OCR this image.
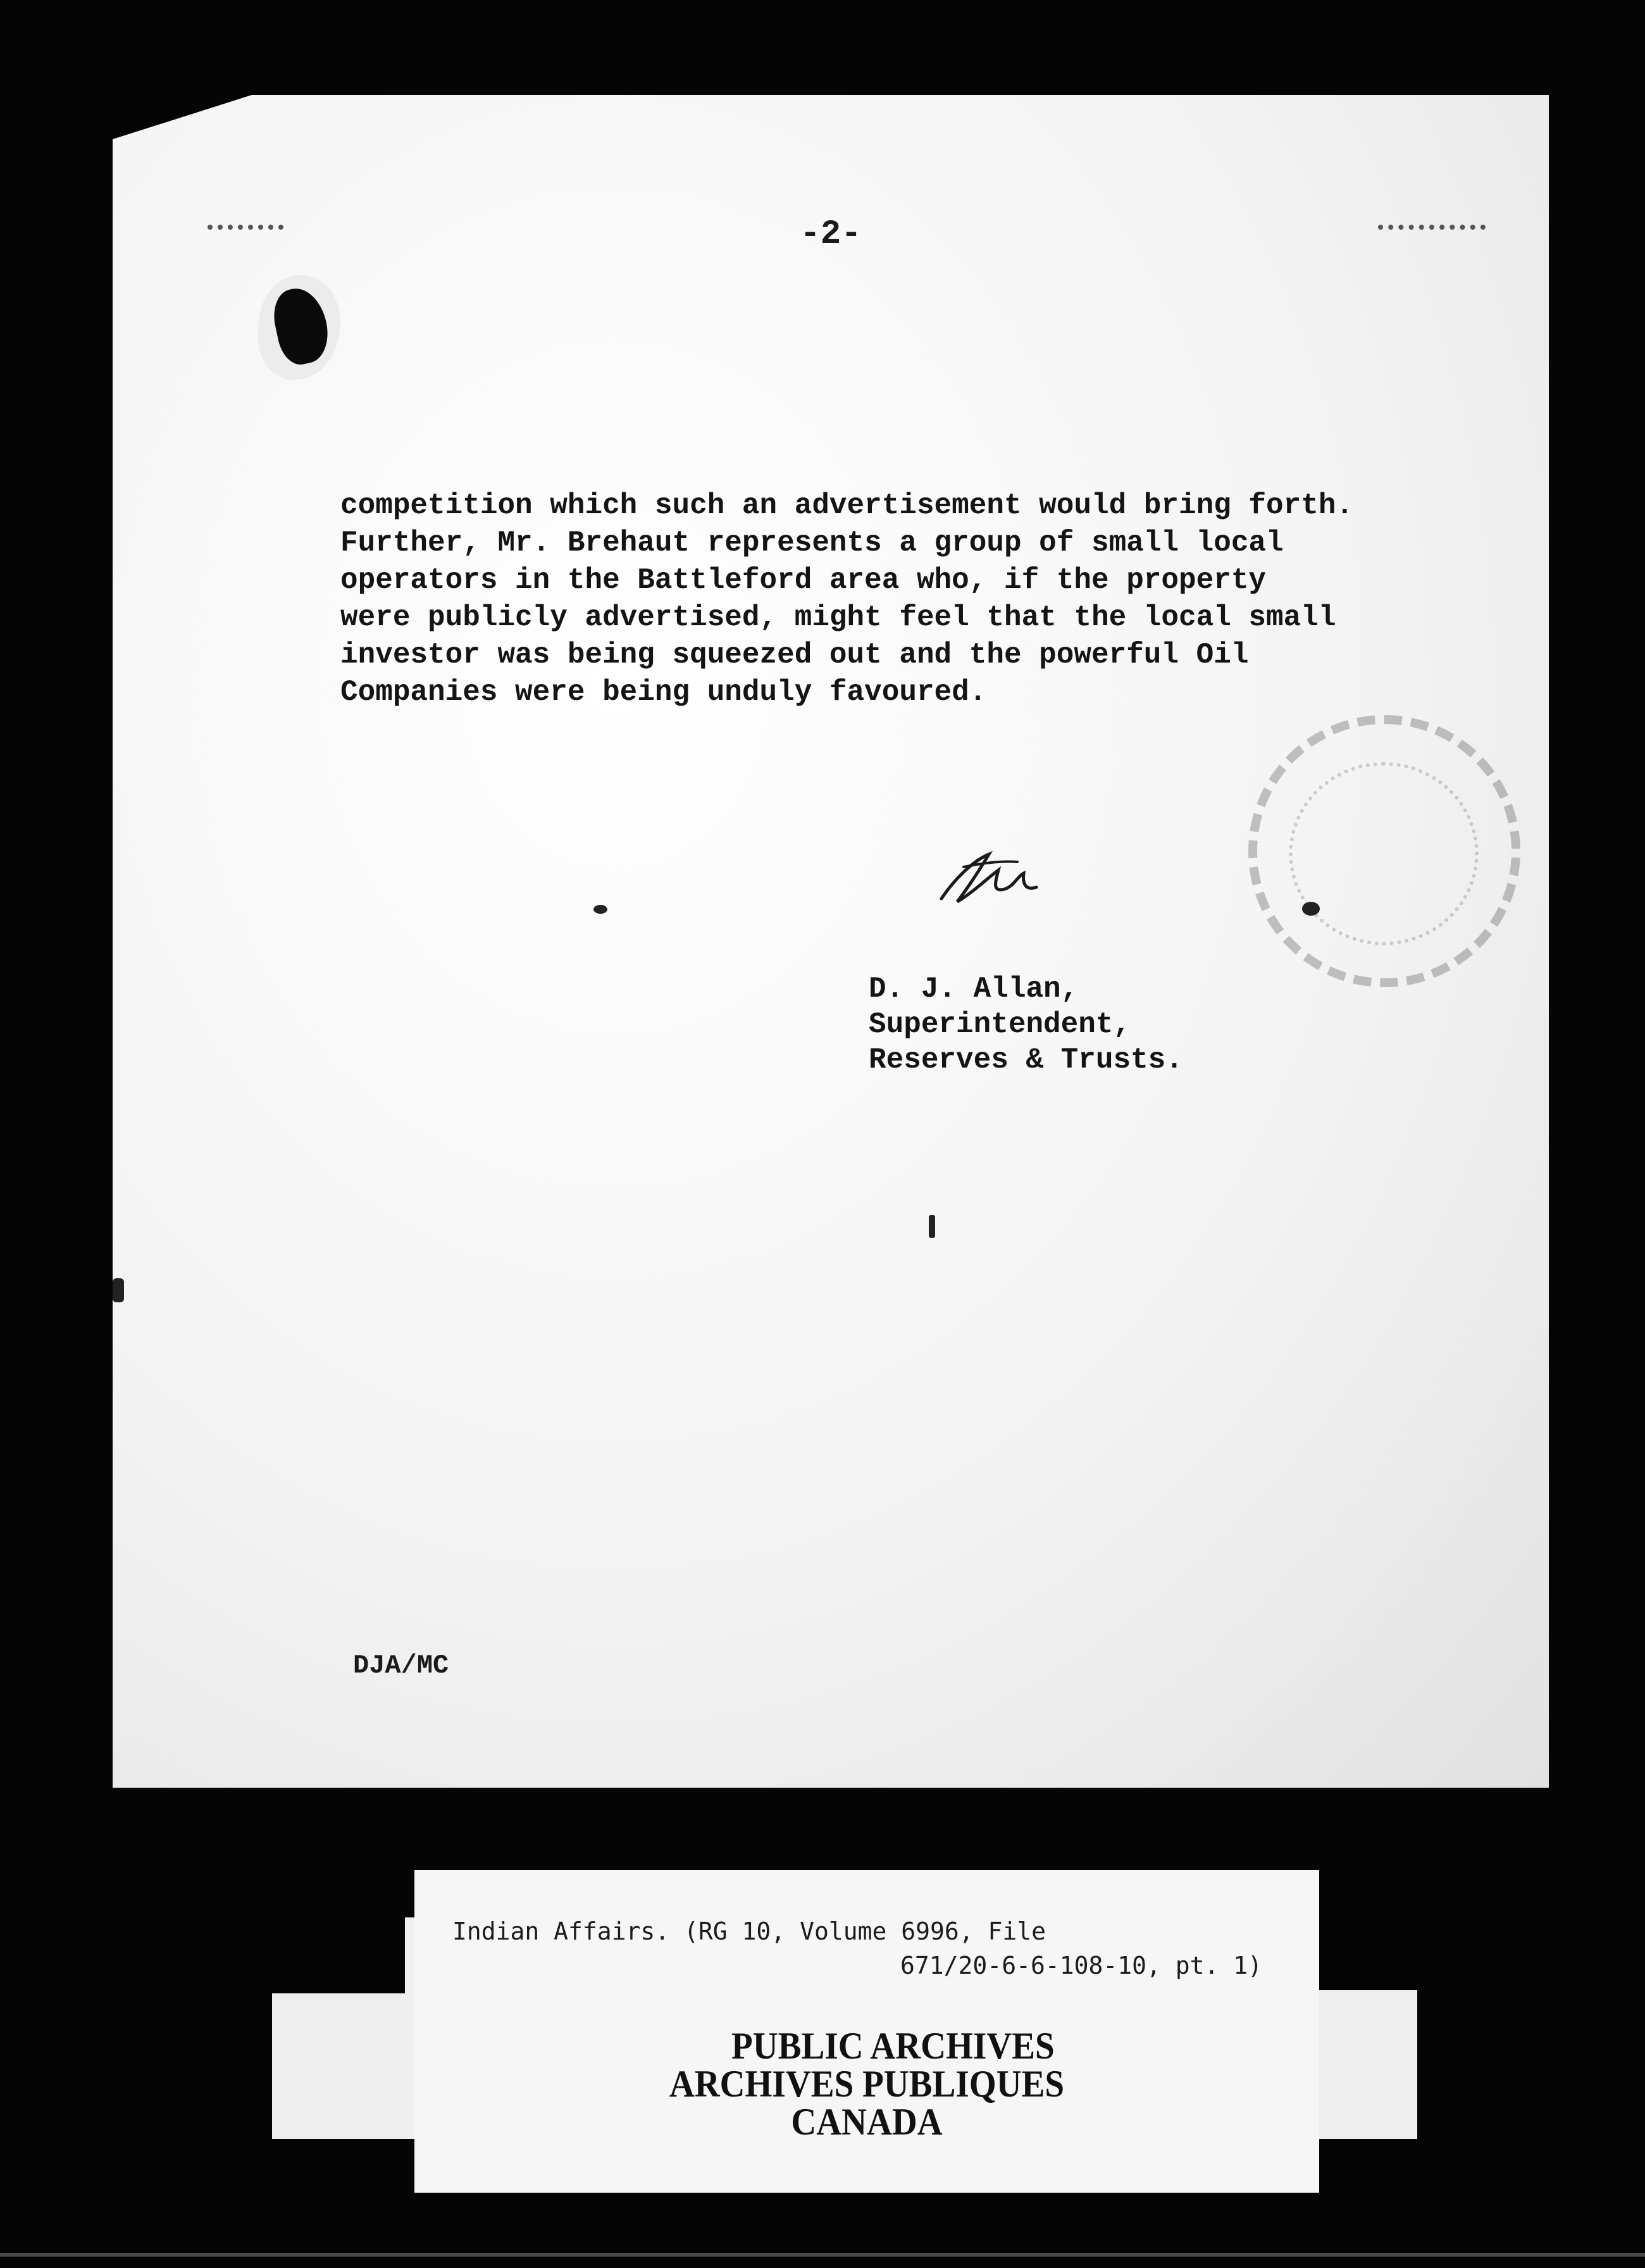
-2-
competition which such an advertisement would bring forth.
Further, Mr. Brehaut represents a group of small local
operators in the Battleford area who, if the property
were publicly advertised, might feel that the local small
investor was being squeezed out and the powerful Oil
Companies were being unduly favoured.
D. J. Allan,
Superintendent,
Reserves & Trusts.
DJA/MC
Indian Affairs. (RG 10, Volume 6996, File
671/20-6-6-108-10, pt. 1)
PUBLIC ARCHIVES
ARCHIVES PUBLIQUES
CANADA
